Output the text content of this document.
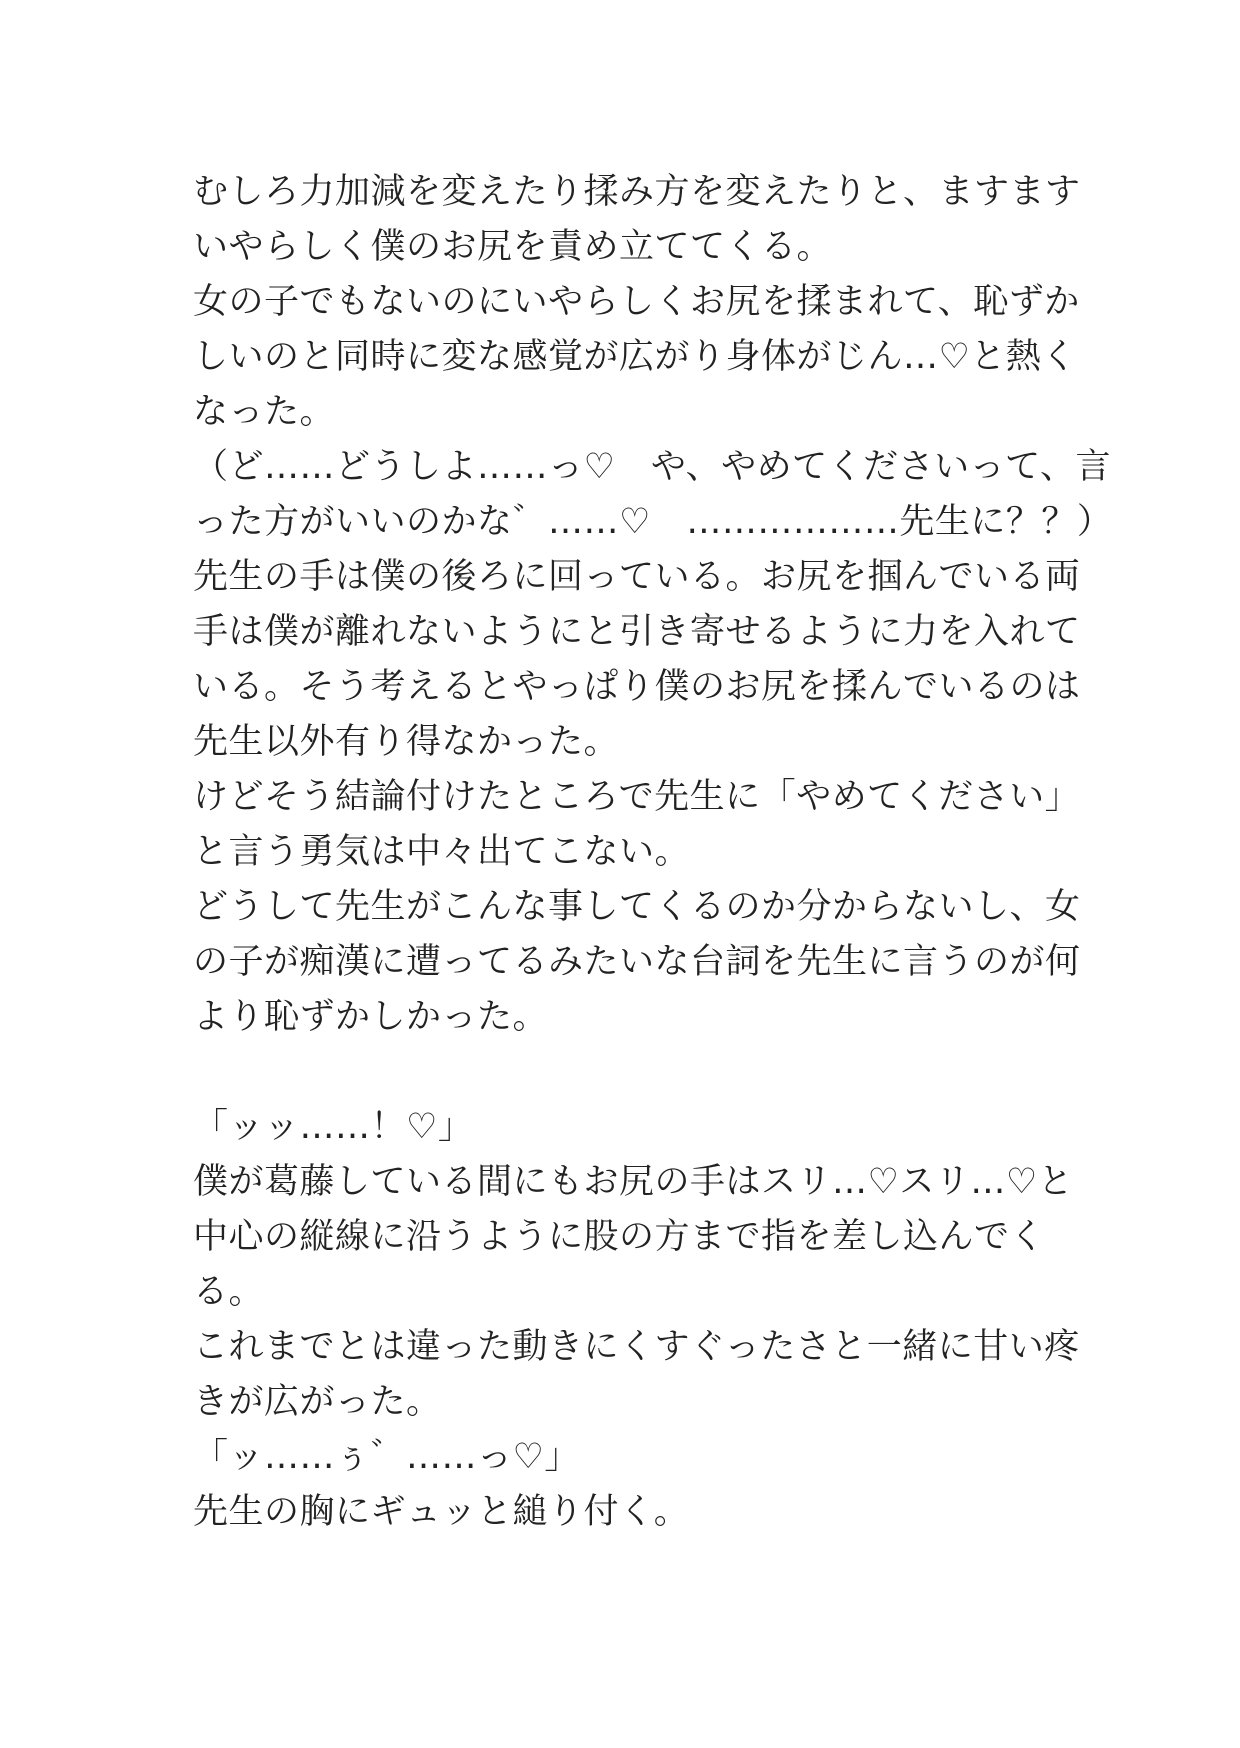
むしろ力加減を変えたり揉み方を変えたりと、ますます
いやらしく僕のお尻を責め立ててくる。
女の子でもないのにいやらしくお尻を揉まれて、恥ずか
しいのと同時に変な感覚が広がり身体がじん…♡と熱く
なった。
（ど……どうしよ……っ♡　や、やめてくださいって、言
った方がいいのかな゛……♡　………………先生に？？）
先生の手は僕の後ろに回っている。お尻を掴んでいる両
手は僕が離れないようにと引き寄せるように力を入れて
いる。そう考えるとやっぱり僕のお尻を揉んでいるのは
先生以外有り得なかった。
けどそう結論付けたところで先生に「やめてください」
と言う勇気は中々出てこない。
どうして先生がこんな事してくるのか分からないし、女
の子が痴漢に遭ってるみたいな台詞を先生に言うのが何
より恥ずかしかった。
「ッッ……！♡」
僕が葛藤している間にもお尻の手はスリ…♡スリ…♡と
中心の縦線に沿うように股の方まで指を差し込んでく
る。
これまでとは違った動きにくすぐったさと一緒に甘い疼
きが広がった。
「ッ……ぅ゛……っ♡」
先生の胸にギュッと縋り付く。
